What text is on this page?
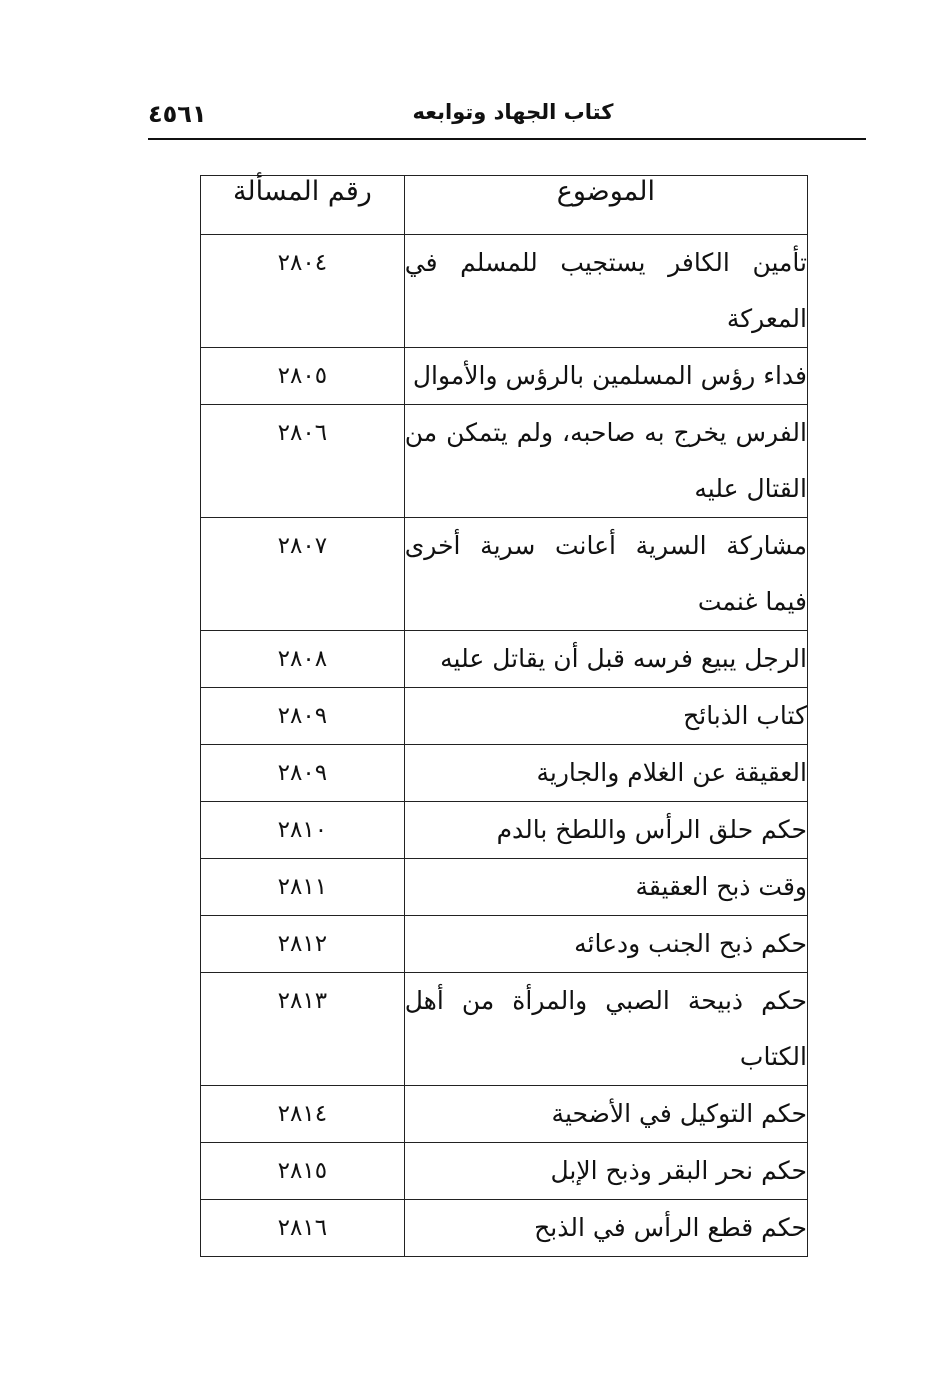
٤٥٦١	كتاب الجهاد وتوابعه
الموضوع	رقم المسألة
تأمين الكافر يستجيب للمسلم في المعركة	٢٨٠٤
فداء رؤس المسلمين بالرؤس والأموال	٢٨٠٥
الفرس يخرج به صاحبه، ولم يتمكن من القتال عليه	٢٨٠٦
مشاركة السرية أعانت سرية أخرى فيما غنمت	٢٨٠٧
الرجل يبيع فرسه قبل أن يقاتل عليه	٢٨٠٨
كتاب الذبائح	٢٨٠٩
العقيقة عن الغلام والجارية	٢٨٠٩
حكم حلق الرأس واللطخ بالدم	٢٨١٠
وقت ذبح العقيقة	٢٨١١
حكم ذبح الجنب ودعائه	٢٨١٢
حكم ذبيحة الصبي والمرأة من أهل الكتاب	٢٨١٣
حكم التوكيل في الأضحية	٢٨١٤
حكم نحر البقر وذبح الإبل	٢٨١٥
حكم قطع الرأس في الذبح	٢٨١٦
